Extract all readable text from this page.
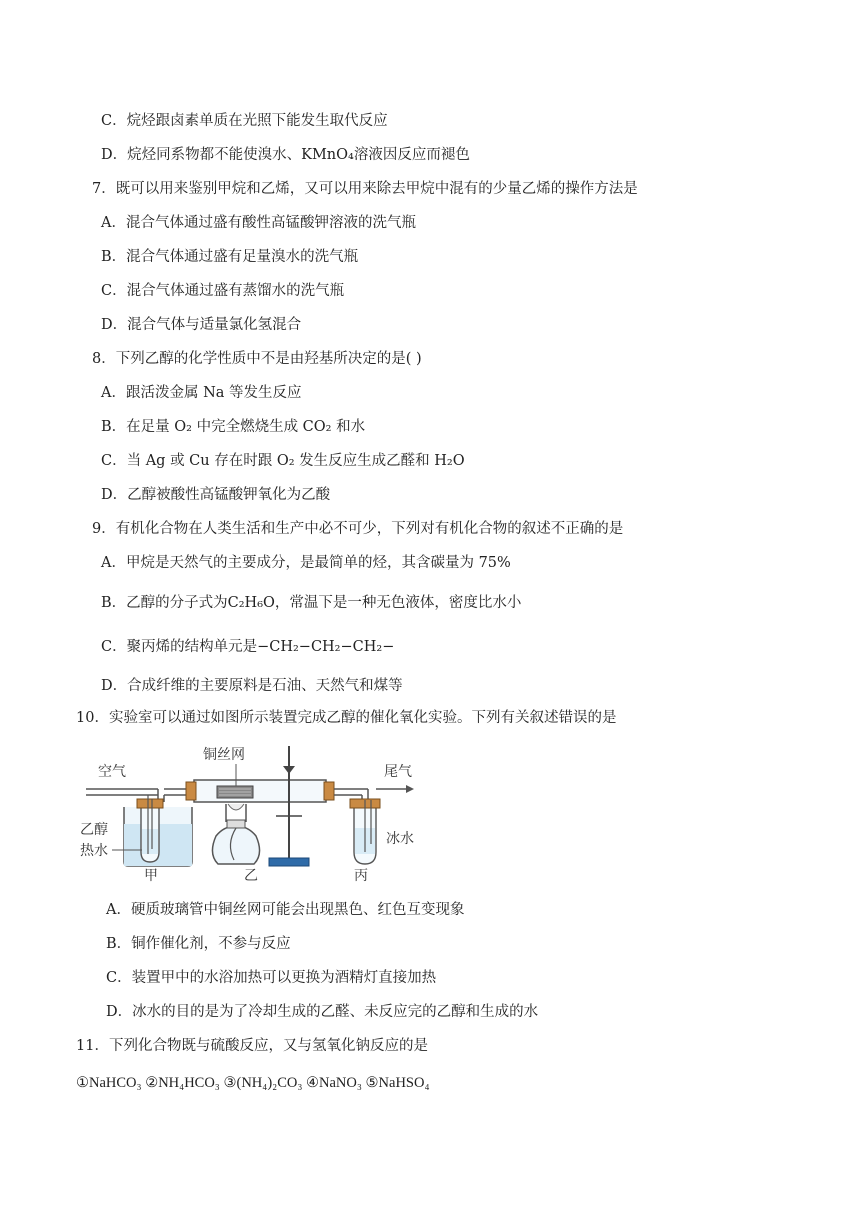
C．烷烃跟卤素单质在光照下能发生取代反应
D．烷烃同系物都不能使溴水、KMnO₄溶液因反应而褪色
7．既可以用来鉴别甲烷和乙烯，又可以用来除去甲烷中混有的少量乙烯的操作方法是
A．混合气体通过盛有酸性高锰酸钾溶液的洗气瓶
B．混合气体通过盛有足量溴水的洗气瓶
C．混合气体通过盛有蒸馏水的洗气瓶
D．混合气体与适量氯化氢混合
8．下列乙醇的化学性质中不是由羟基所决定的是( )
A．跟活泼金属 Na 等发生反应
B．在足量 O₂ 中完全燃烧生成 CO₂ 和水
C．当 Ag 或 Cu 存在时跟 O₂ 发生反应生成乙醛和 H₂O
D．乙醇被酸性高锰酸钾氧化为乙酸
9．有机化合物在人类生活和生产中必不可少，下列对有机化合物的叙述不正确的是
A．甲烷是天然气的主要成分，是最简单的烃，其含碳量为 75%
B．乙醇的分子式为C₂H₆O，常温下是一种无色液体，密度比水小
C．聚丙烯的结构单元是−CH₂−CH₂−CH₂−
D．合成纤维的主要原料是石油、天然气和煤等
10．实验室可以通过如图所示装置完成乙醇的催化氧化实验。下列有关叙述错误的是
空气
铜丝网
尾气
乙醇
热水
冰水
甲	乙	丙
A．硬质玻璃管中铜丝网可能会出现黑色、红色互变现象
B．铜作催化剂，不参与反应
C．装置甲中的水浴加热可以更换为酒精灯直接加热
D．冰水的目的是为了冷却生成的乙醛、未反应完的乙醇和生成的水
11．下列化合物既与硫酸反应，又与氢氧化钠反应的是
①NaHCO₃ ②NH₄HCO₃ ③(NH₄)₂CO₃ ④NaNO₃ ⑤NaHSO₄
